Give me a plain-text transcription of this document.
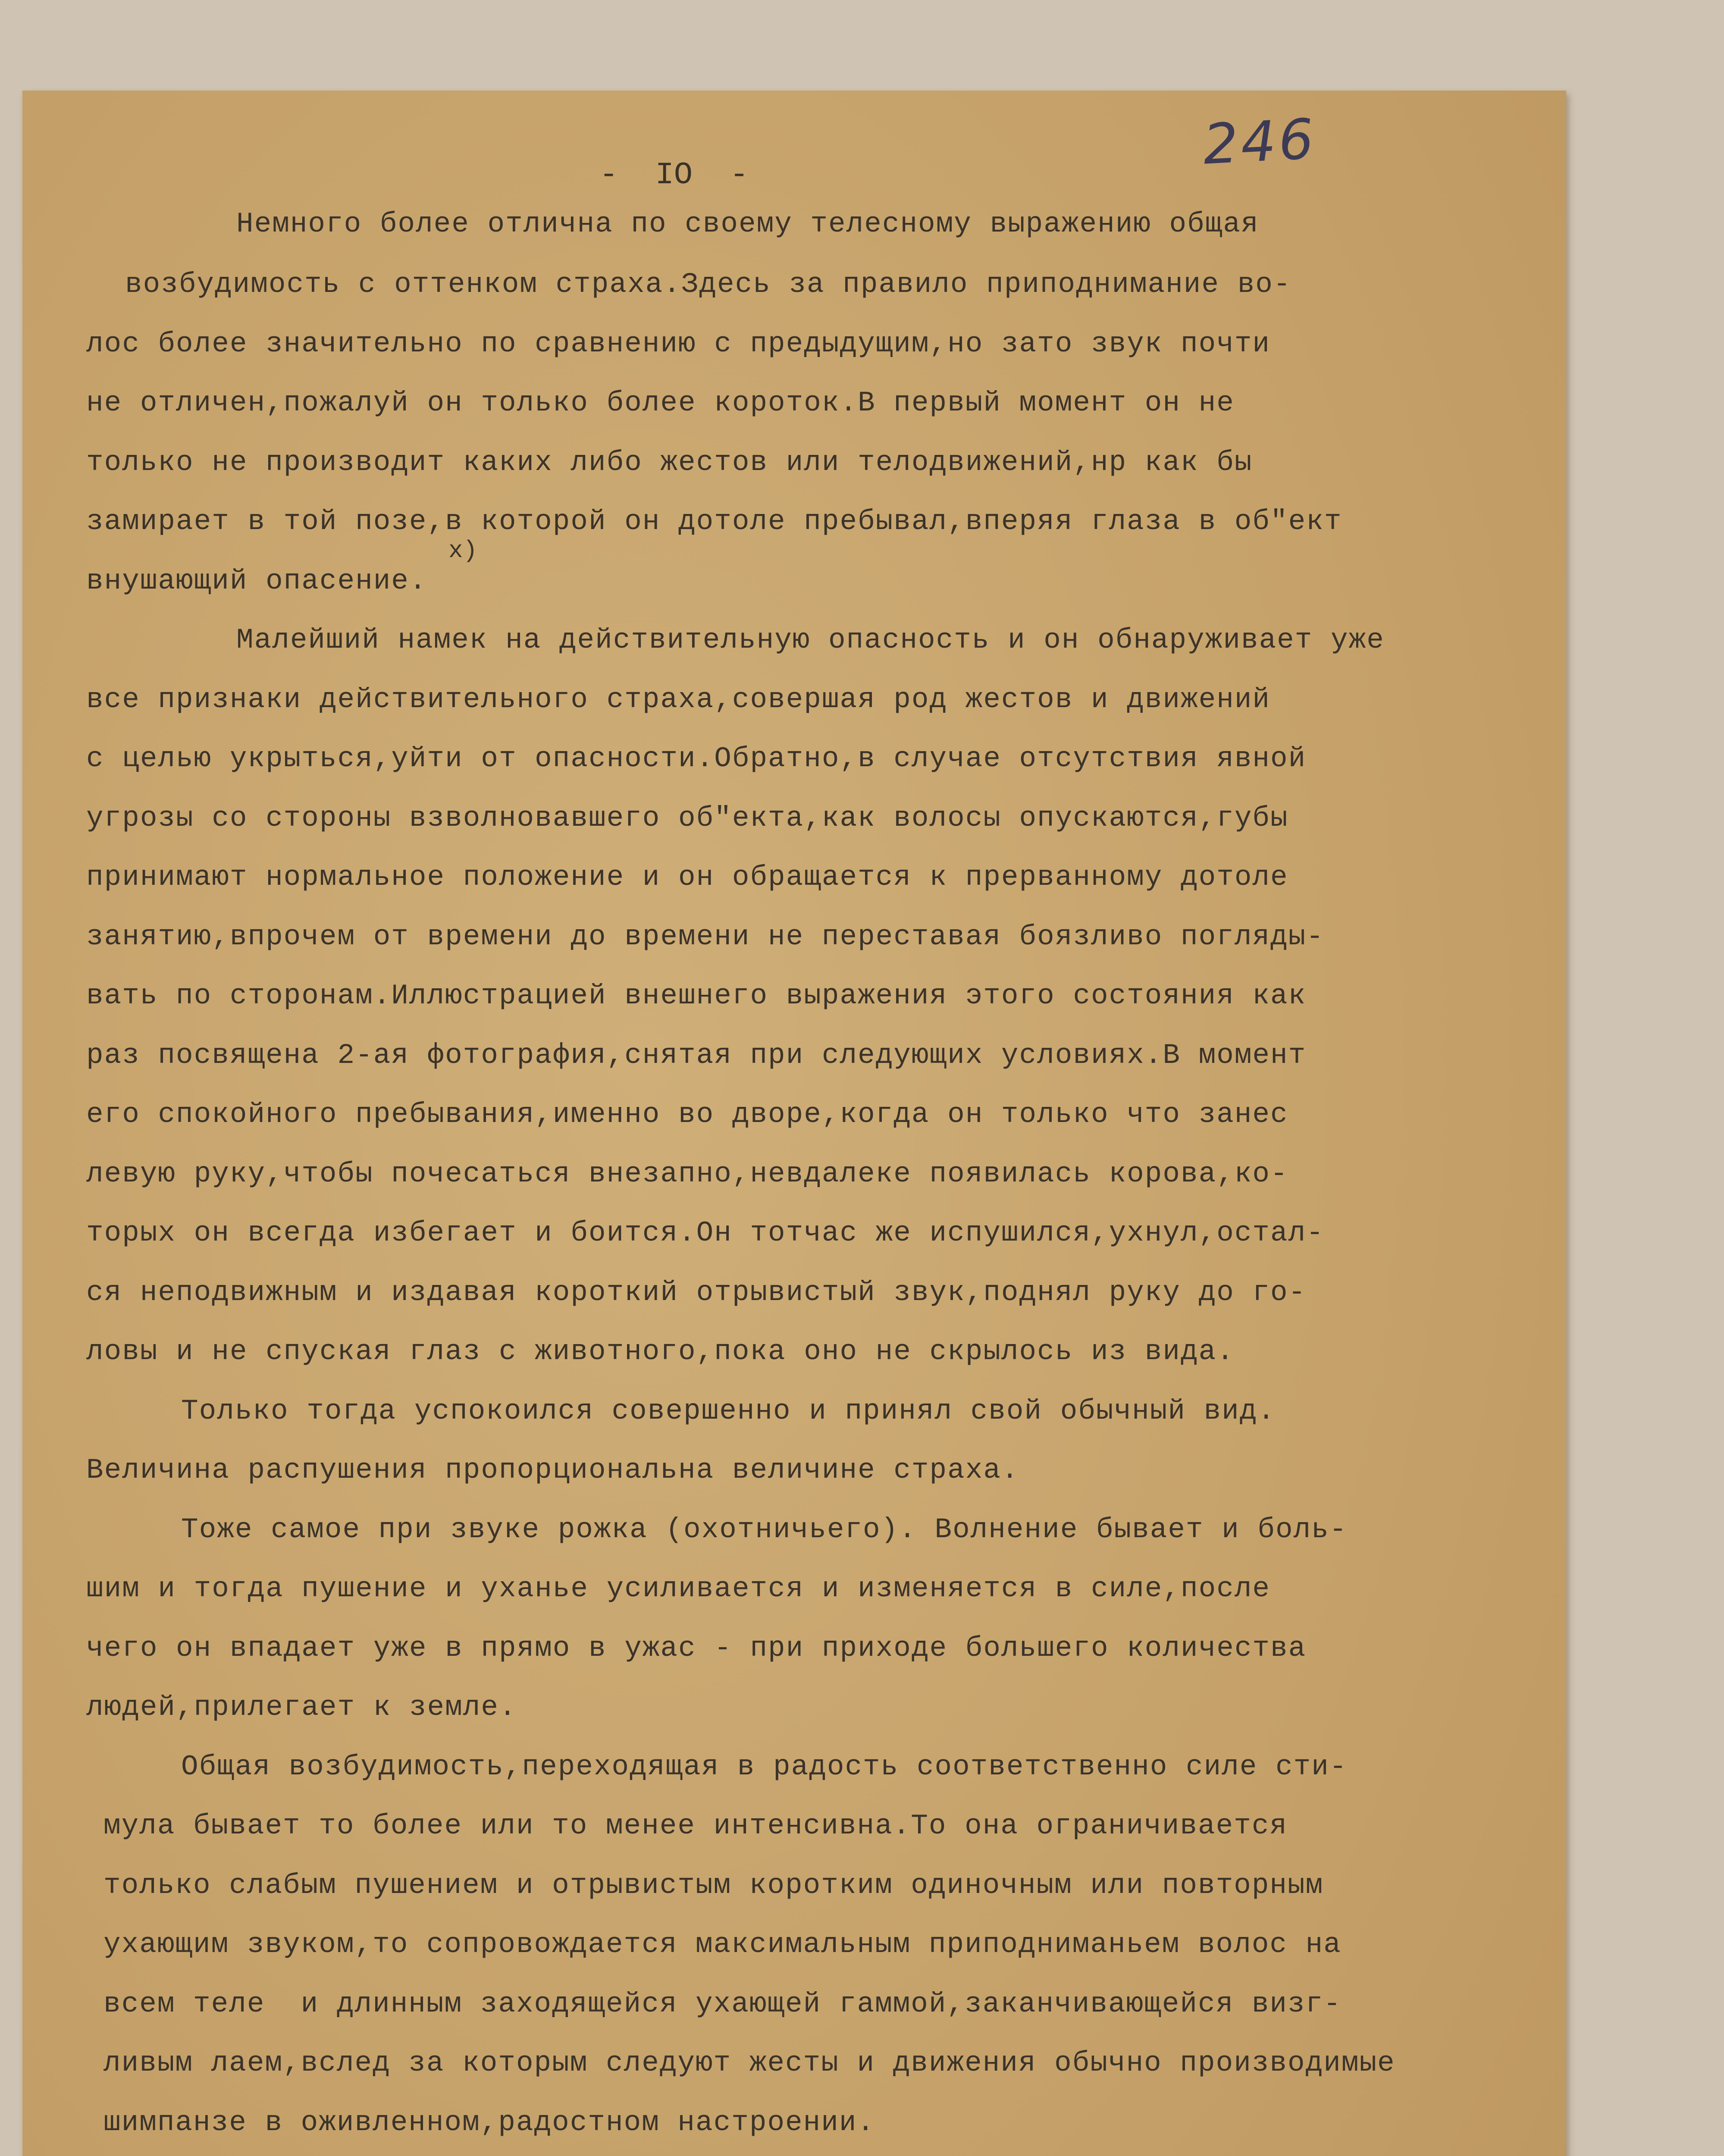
246
-  IO  -
Немного более отлична по своему телесному выражению общая
возбудимость с оттенком страха.Здесь за правило приподнимание во-
лос более значительно по сравнению с предыдущим,но зато звук почти
не отличен,пожалуй он только более короток.В первый момент он не
только не производит каких либо жестов или телодвижений,нр как бы
замирает в той позе,в которой он дотоле пребывал,вперяя глаза в об"ект
x)
внушающий опасение.
Малейший намек на действительную опасность и он обнаруживает уже
все признаки действительного страха,совершая род жестов и движений
с целью укрыться,уйти от опасности.Обратно,в случае отсутствия явной
угрозы со стороны взволновавшего об"екта,как волосы опускаются,губы
принимают нормальное положение и он обращается к прерванному дотоле
занятию,впрочем от времени до времени не переставая боязливо погляды-
вать по сторонам.Иллюстрацией внешнего выражения этого состояния как
раз посвящена 2-ая фотография,снятая при следующих условиях.В момент
его спокойного пребывания,именно во дворе,когда он только что занес
левую руку,чтобы почесаться внезапно,невдалеке появилась корова,ко-
торых он всегда избегает и боится.Он тотчас же испушился,ухнул,остал-
ся неподвижным и издавая короткий отрывистый звук,поднял руку до го-
ловы и не спуская глаз с животного,пока оно не скрылось из вида.
Только тогда успокоился совершенно и принял свой обычный вид.
Величина распушения пропорциональна величине страха.
Тоже самое при звуке рожка (охотничьего). Волнение бывает и боль-
шим и тогда пушение и уханье усиливается и изменяется в силе,после
чего он впадает уже в прямо в ужас - при приходе большего количества
людей,прилегает к земле.
Общая возбудимость,переходящая в радость соответственно силе сти-
мула бывает то более или то менее интенсивна.То она ограничивается
только слабым пушением и отрывистым коротким одиночным или повторным
ухающим звуком,то сопровождается максимальным приподниманьем волос на
всем теле  и длинным заходящейся ухающей гаммой,заканчивающейся визг-
ливым лаем,вслед за которым следуют жесты и движения обычно производимые
шимпанзе в оживленном,радостном настроении.
